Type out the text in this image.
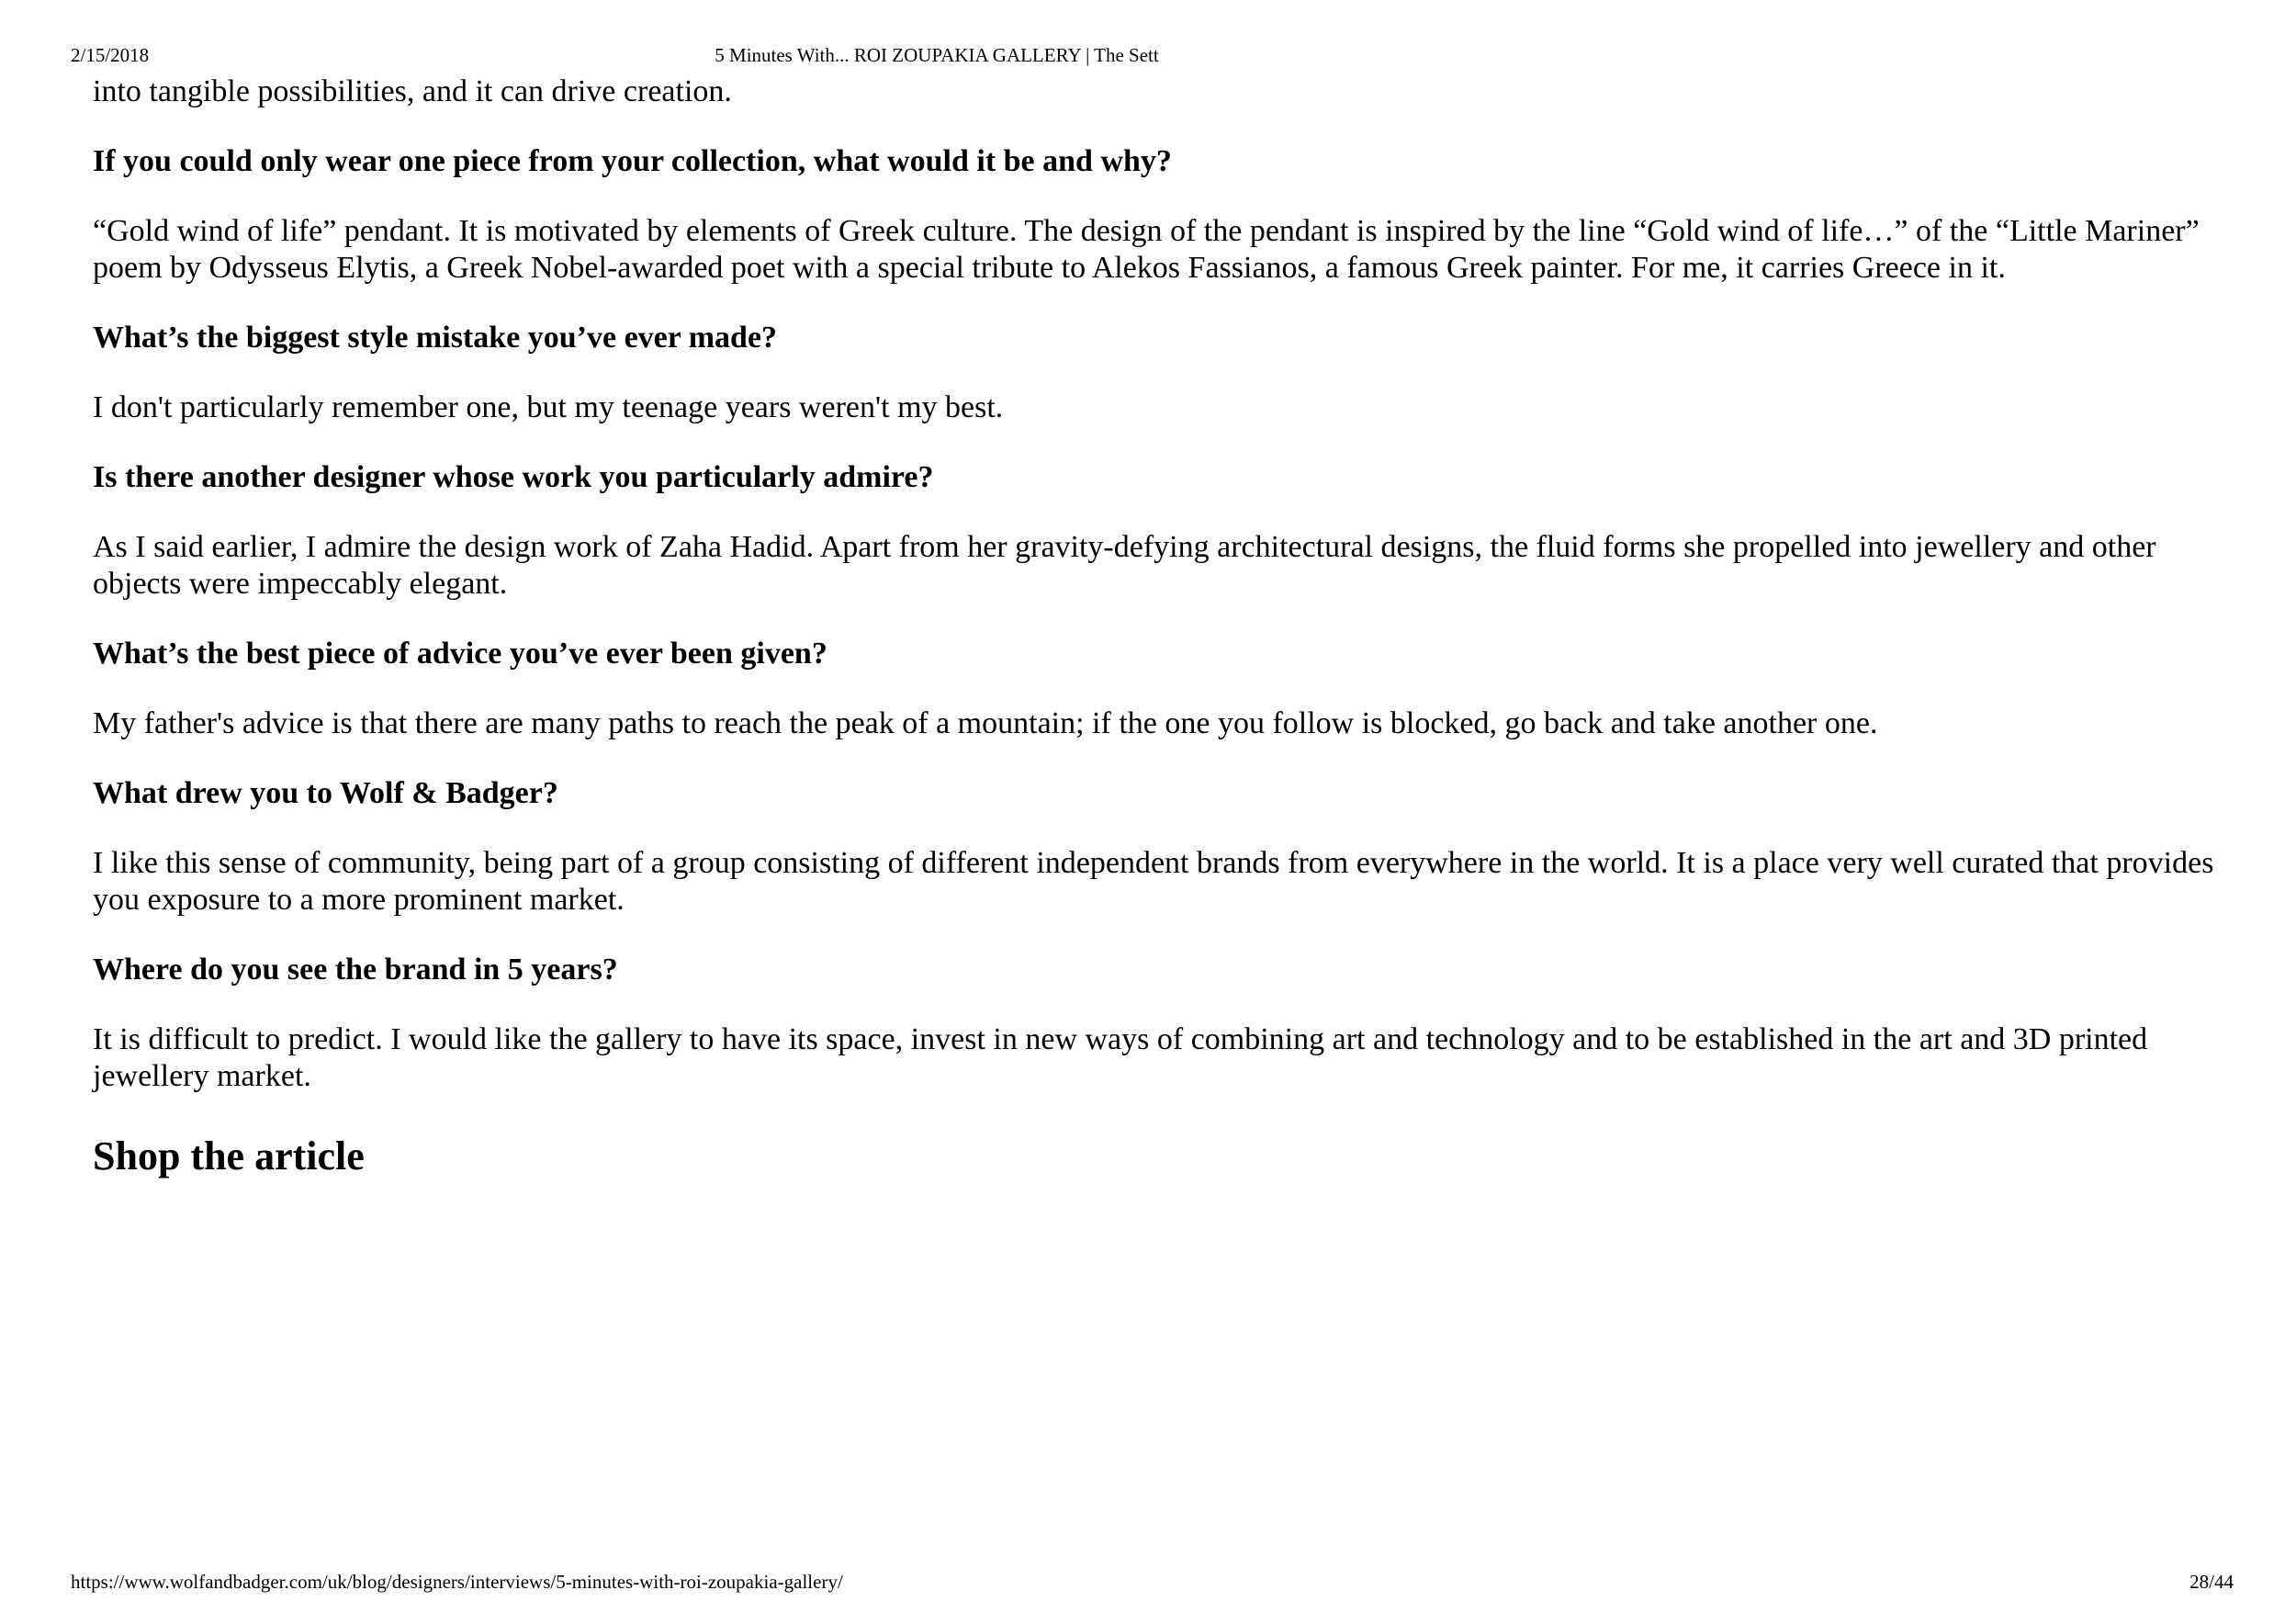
2/15/2018	5 Minutes With... ROI ZOUPAKIA GALLERY | The Sett

into tangible possibilities, and it can drive creation.

If you could only wear one piece from your collection, what would it be and why?

“Gold wind of life” pendant. It is motivated by elements of Greek culture. The design of the pendant is inspired by the line “Gold wind of life…” of the “Little Mariner” poem by Odysseus Elytis, a Greek Nobel-awarded poet with a special tribute to Alekos Fassianos, a famous Greek painter. For me, it carries Greece in it.

What’s the biggest style mistake you’ve ever made?

I don't particularly remember one, but my teenage years weren't my best.

Is there another designer whose work you particularly admire?

As I said earlier, I admire the design work of Zaha Hadid. Apart from her gravity-defying architectural designs, the fluid forms she propelled into jewellery and other objects were impeccably elegant.

What’s the best piece of advice you’ve ever been given?

My father's advice is that there are many paths to reach the peak of a mountain; if the one you follow is blocked, go back and take another one.

What drew you to Wolf & Badger?

I like this sense of community, being part of a group consisting of different independent brands from everywhere in the world. It is a place very well curated that provides you exposure to a more prominent market.

Where do you see the brand in 5 years?

It is difficult to predict. I would like the gallery to have its space, invest in new ways of combining art and technology and to be established in the art and 3D printed jewellery market.

Shop the article
https://www.wolfandbadger.com/uk/blog/designers/interviews/5-minutes-with-roi-zoupakia-gallery/	28/44
